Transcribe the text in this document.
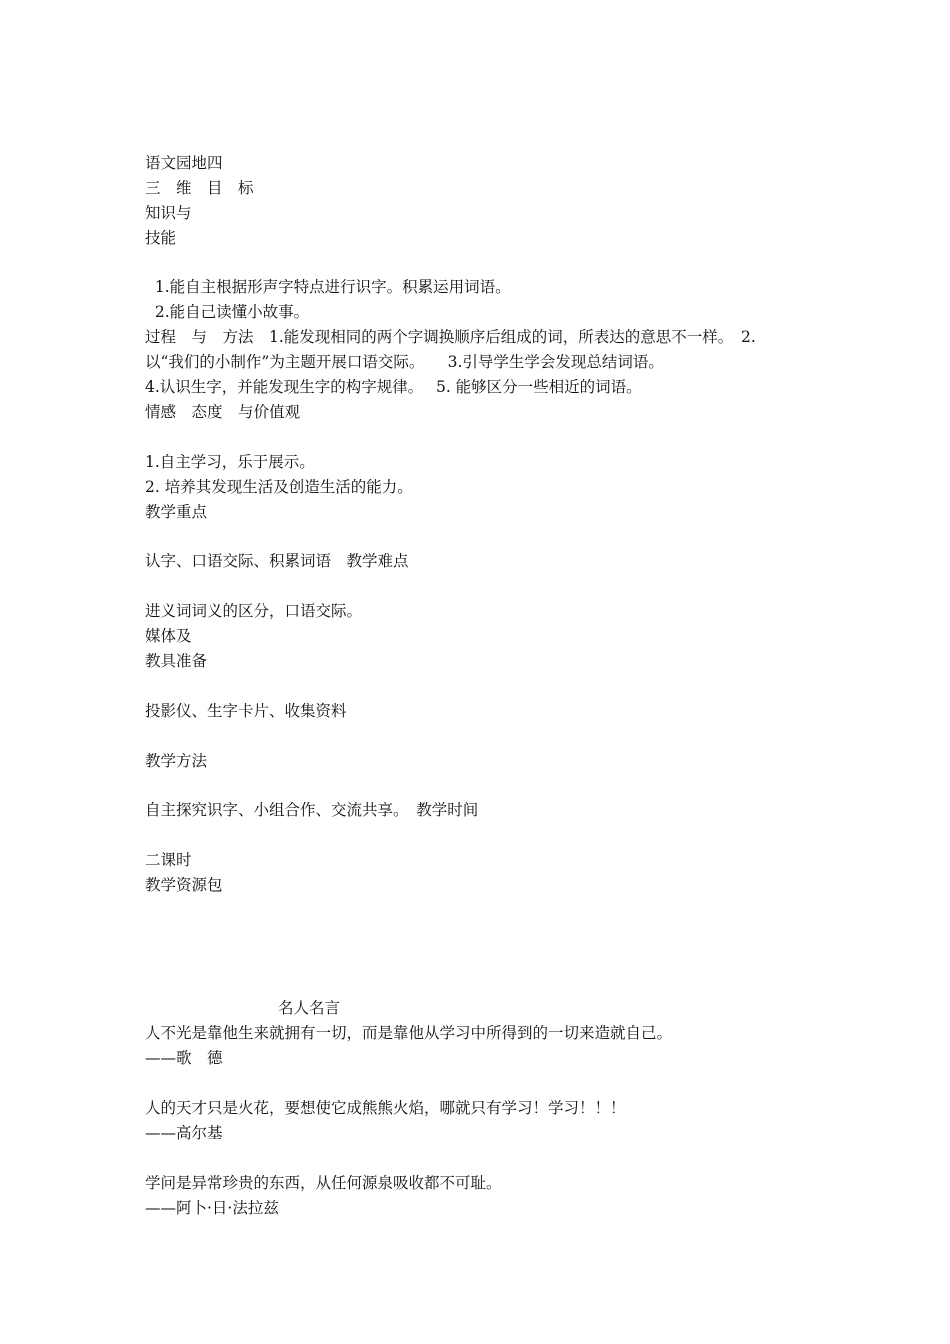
语文园地四
三　维　目　标
知识与
技能
1.能自主根据形声字特点进行识字。积累运用词语。
2.能自己读懂小故事。
过程　与　方法　1.能发现相同的两个字调换顺序后组成的词，所表达的意思不一样。　2.
以“我们的小制作”为主题开展口语交际。　　3.引导学生学会发现总结词语。
4.认识生字，并能发现生字的构字规律。　 5. 能够区分一些相近的词语。
情感　态度　与价值观
1.自主学习，乐于展示。
2. 培养其发现生活及创造生活的能力。
教学重点
认字、口语交际、积累词语　教学难点
进义词词义的区分，口语交际。
媒体及
教具准备
投影仪、生字卡片、收集资料
教学方法
自主探究识字、小组合作、交流共享。　教学时间
二课时
教学资源包
名人名言
人不光是靠他生来就拥有一切，而是靠他从学习中所得到的一切来造就自己。
——歌　德
人的天才只是火花，要想使它成熊熊火焰，哪就只有学习！学习！！！
——高尔基
学问是异常珍贵的东西，从任何源泉吸收都不可耻。
——阿卜·日·法拉兹
